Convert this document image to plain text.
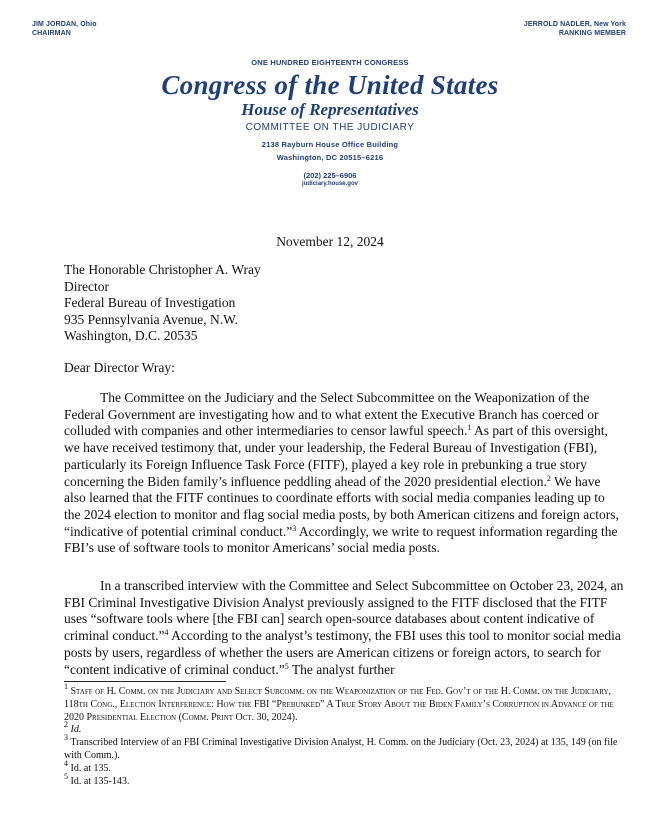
JIM JORDAN, Ohio
CHAIRMAN
JERROLD NADLER, New York
RANKING MEMBER
ONE HUNDRED EIGHTEENTH CONGRESS
Congress of the United States
House of Representatives
COMMITTEE ON THE JUDICIARY
2138 Rayburn House Office Building
Washington, DC 20515–6216
(202) 225–6906
judiciary.house.gov
November 12, 2024
The Honorable Christopher A. Wray
Director
Federal Bureau of Investigation
935 Pennsylvania Avenue, N.W.
Washington, D.C. 20535
Dear Director Wray:

The Committee on the Judiciary and the Select Subcommittee on the Weaponization of the Federal Government are investigating how and to what extent the Executive Branch has coerced or colluded with companies and other intermediaries to censor lawful speech.$^1$ As part of this oversight, we have received testimony that, under your leadership, the Federal Bureau of Investigation (FBI), particularly its Foreign Influence Task Force (FITF), played a key role in prebunking a true story concerning the Biden family’s influence peddling ahead of the 2020 presidential election.$^2$ We have also learned that the FITF continues to coordinate efforts with social media companies leading up to the 2024 election to monitor and flag social media posts, by both American citizens and foreign actors, “indicative of potential criminal conduct.”$^3$ Accordingly, we write to request information regarding the FBI’s use of software tools to monitor Americans’ social media posts.

In a transcribed interview with the Committee and Select Subcommittee on October 23, 2024, an FBI Criminal Investigative Division Analyst previously assigned to the FITF disclosed that the FITF uses “software tools where [the FBI can] search open-source databases about content indicative of criminal conduct.”$^4$ According to the analyst’s testimony, the FBI uses this tool to monitor social media posts by users, regardless of whether the users are American citizens or foreign actors, to search for “content indicative of criminal conduct.”$^5$ The analyst further

$^1$ Staff of H. Comm. on the Judiciary and Select Subcomm. on the Weaponization of the Fed. Gov’t of the H. Comm. on the Judiciary, 118th Cong., Election Interference: How the FBI “Prebunked” A True Story About the Biden Family’s Corruption in Advance of the 2020 Presidential Election (Comm. Print Oct. 30, 2024).

$^2$ Id.

$^3$ Transcribed Interview of an FBI Criminal Investigative Division Analyst, H. Comm. on the Judiciary (Oct. 23, 2024) at 135, 149 (on file with Comm.).

$^4$ Id. at 135.

$^5$ Id. at 135-143.
